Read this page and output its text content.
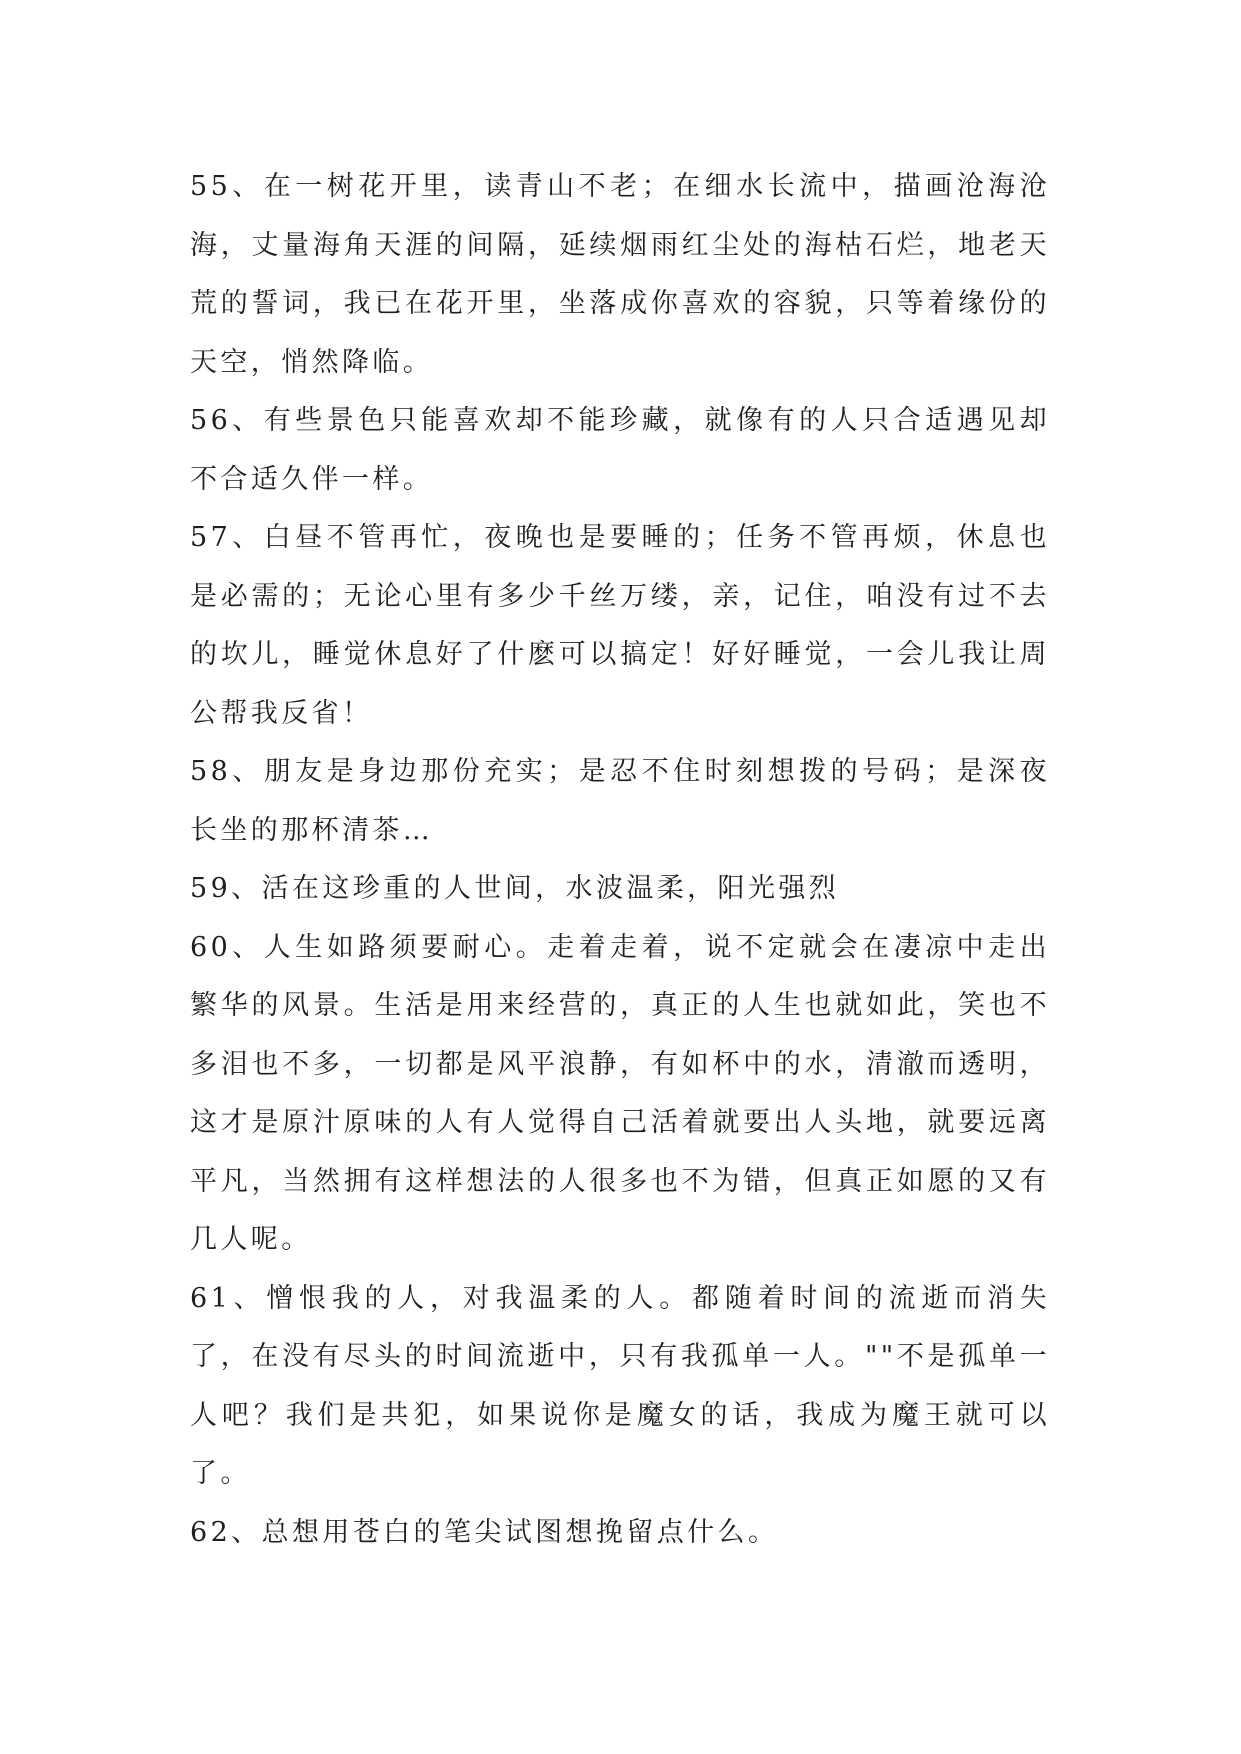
55、在一树花开里，读青山不老；在细水长流中，描画沧海沧海，丈量海角天涯的间隔，延续烟雨红尘处的海枯石烂，地老天荒的誓词，我已在花开里，坐落成你喜欢的容貌，只等着缘份的天空，悄然降临。

56、有些景色只能喜欢却不能珍藏，就像有的人只合适遇见却不合适久伴一样。

57、白昼不管再忙，夜晚也是要睡的；任务不管再烦，休息也是必需的；无论心里有多少千丝万缕，亲，记住，咱没有过不去的坎儿，睡觉休息好了什麽可以搞定！好好睡觉，一会儿我让周公帮我反省！

58、朋友是身边那份充实；是忍不住时刻想拨的号码；是深夜长坐的那杯清茶…

59、活在这珍重的人世间，水波温柔，阳光强烈

60、人生如路须要耐心。走着走着，说不定就会在凄凉中走出繁华的风景。生活是用来经营的，真正的人生也就如此，笑也不多泪也不多，一切都是风平浪静，有如杯中的水，清澈而透明，这才是原汁原味的人有人觉得自己活着就要出人头地，就要远离平凡，当然拥有这样想法的人很多也不为错，但真正如愿的又有几人呢。

61、憎恨我的人，对我温柔的人。都随着时间的流逝而消失了，在没有尽头的时间流逝中，只有我孤单一人。""不是孤单一人吧？我们是共犯，如果说你是魔女的话，我成为魔王就可以了。

62、总想用苍白的笔尖试图想挽留点什么。
